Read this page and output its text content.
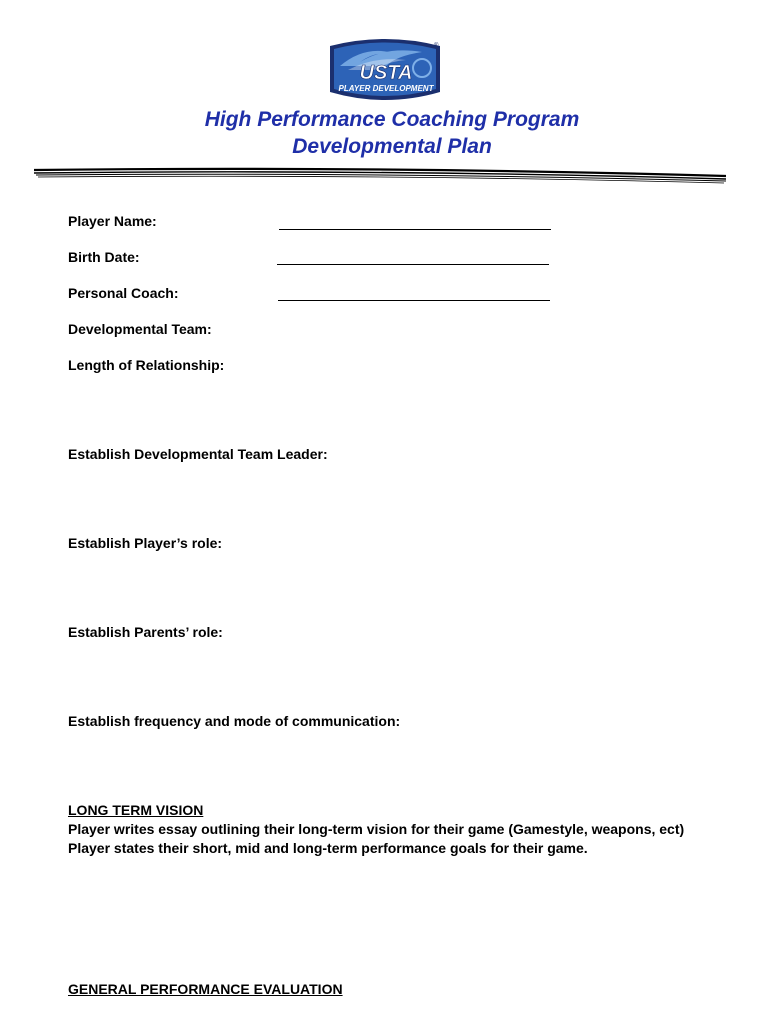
USTA
PLAYER DEVELOPMENT
®
High Performance Coaching Program
Developmental Plan
Player Name:
Birth Date:
Personal Coach:
Developmental Team:
Length of Relationship:
Establish Developmental Team Leader:
Establish Player’s role:
Establish Parents’ role:
Establish frequency and mode of communication:
LONG TERM VISION
Player writes essay outlining their long-term vision for their game (Gamestyle, weapons, ect) Player states their short, mid and long-term performance goals for their game.
GENERAL PERFORMANCE EVALUATION
